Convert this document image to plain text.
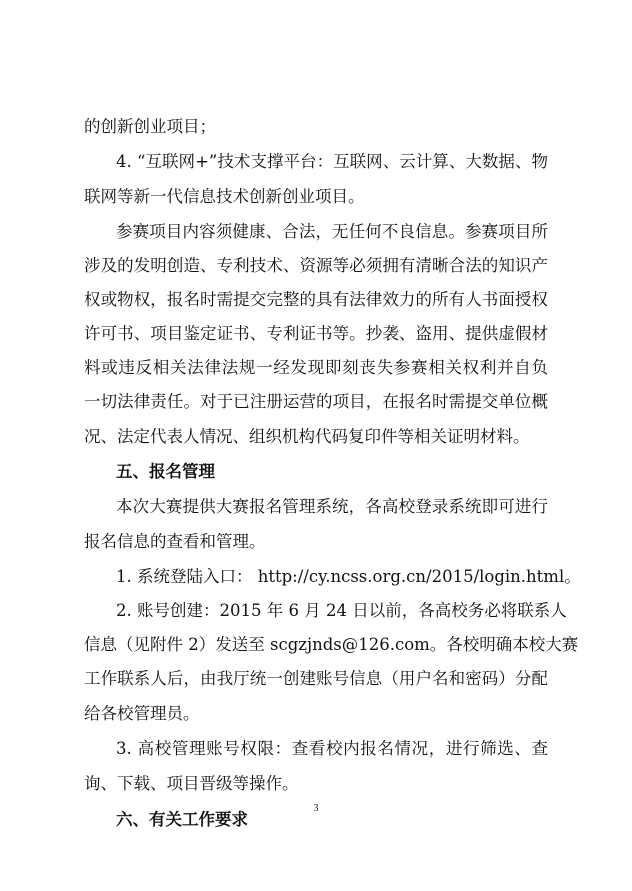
的创新创业项目；
4. “互联网+”技术支撑平台：互联网、云计算、大数据、物
联网等新一代信息技术创新创业项目。
参赛项目内容须健康、合法，无任何不良信息。参赛项目所
涉及的发明创造、专利技术、资源等必须拥有清晰合法的知识产
权或物权，报名时需提交完整的具有法律效力的所有人书面授权
许可书、项目鉴定证书、专利证书等。抄袭、盗用、提供虚假材
料或违反相关法律法规一经发现即刻丧失参赛相关权利并自负
一切法律责任。对于已注册运营的项目，在报名时需提交单位概
况、法定代表人情况、组织机构代码复印件等相关证明材料。
五、报名管理
本次大赛提供大赛报名管理系统，各高校登录系统即可进行
报名信息的查看和管理。
1. 系统登陆入口： http://cy.ncss.org.cn/2015/login.html。
2. 账号创建：2015 年 6 月 24 日以前，各高校务必将联系人
信息（见附件 2）发送至 scgzjnds@126.com。各校明确本校大赛
工作联系人后，由我厅统一创建账号信息（用户名和密码）分配
给各校管理员。
3. 高校管理账号权限：查看校内报名情况，进行筛选、查
询、下载、项目晋级等操作。
六、有关工作要求
3
